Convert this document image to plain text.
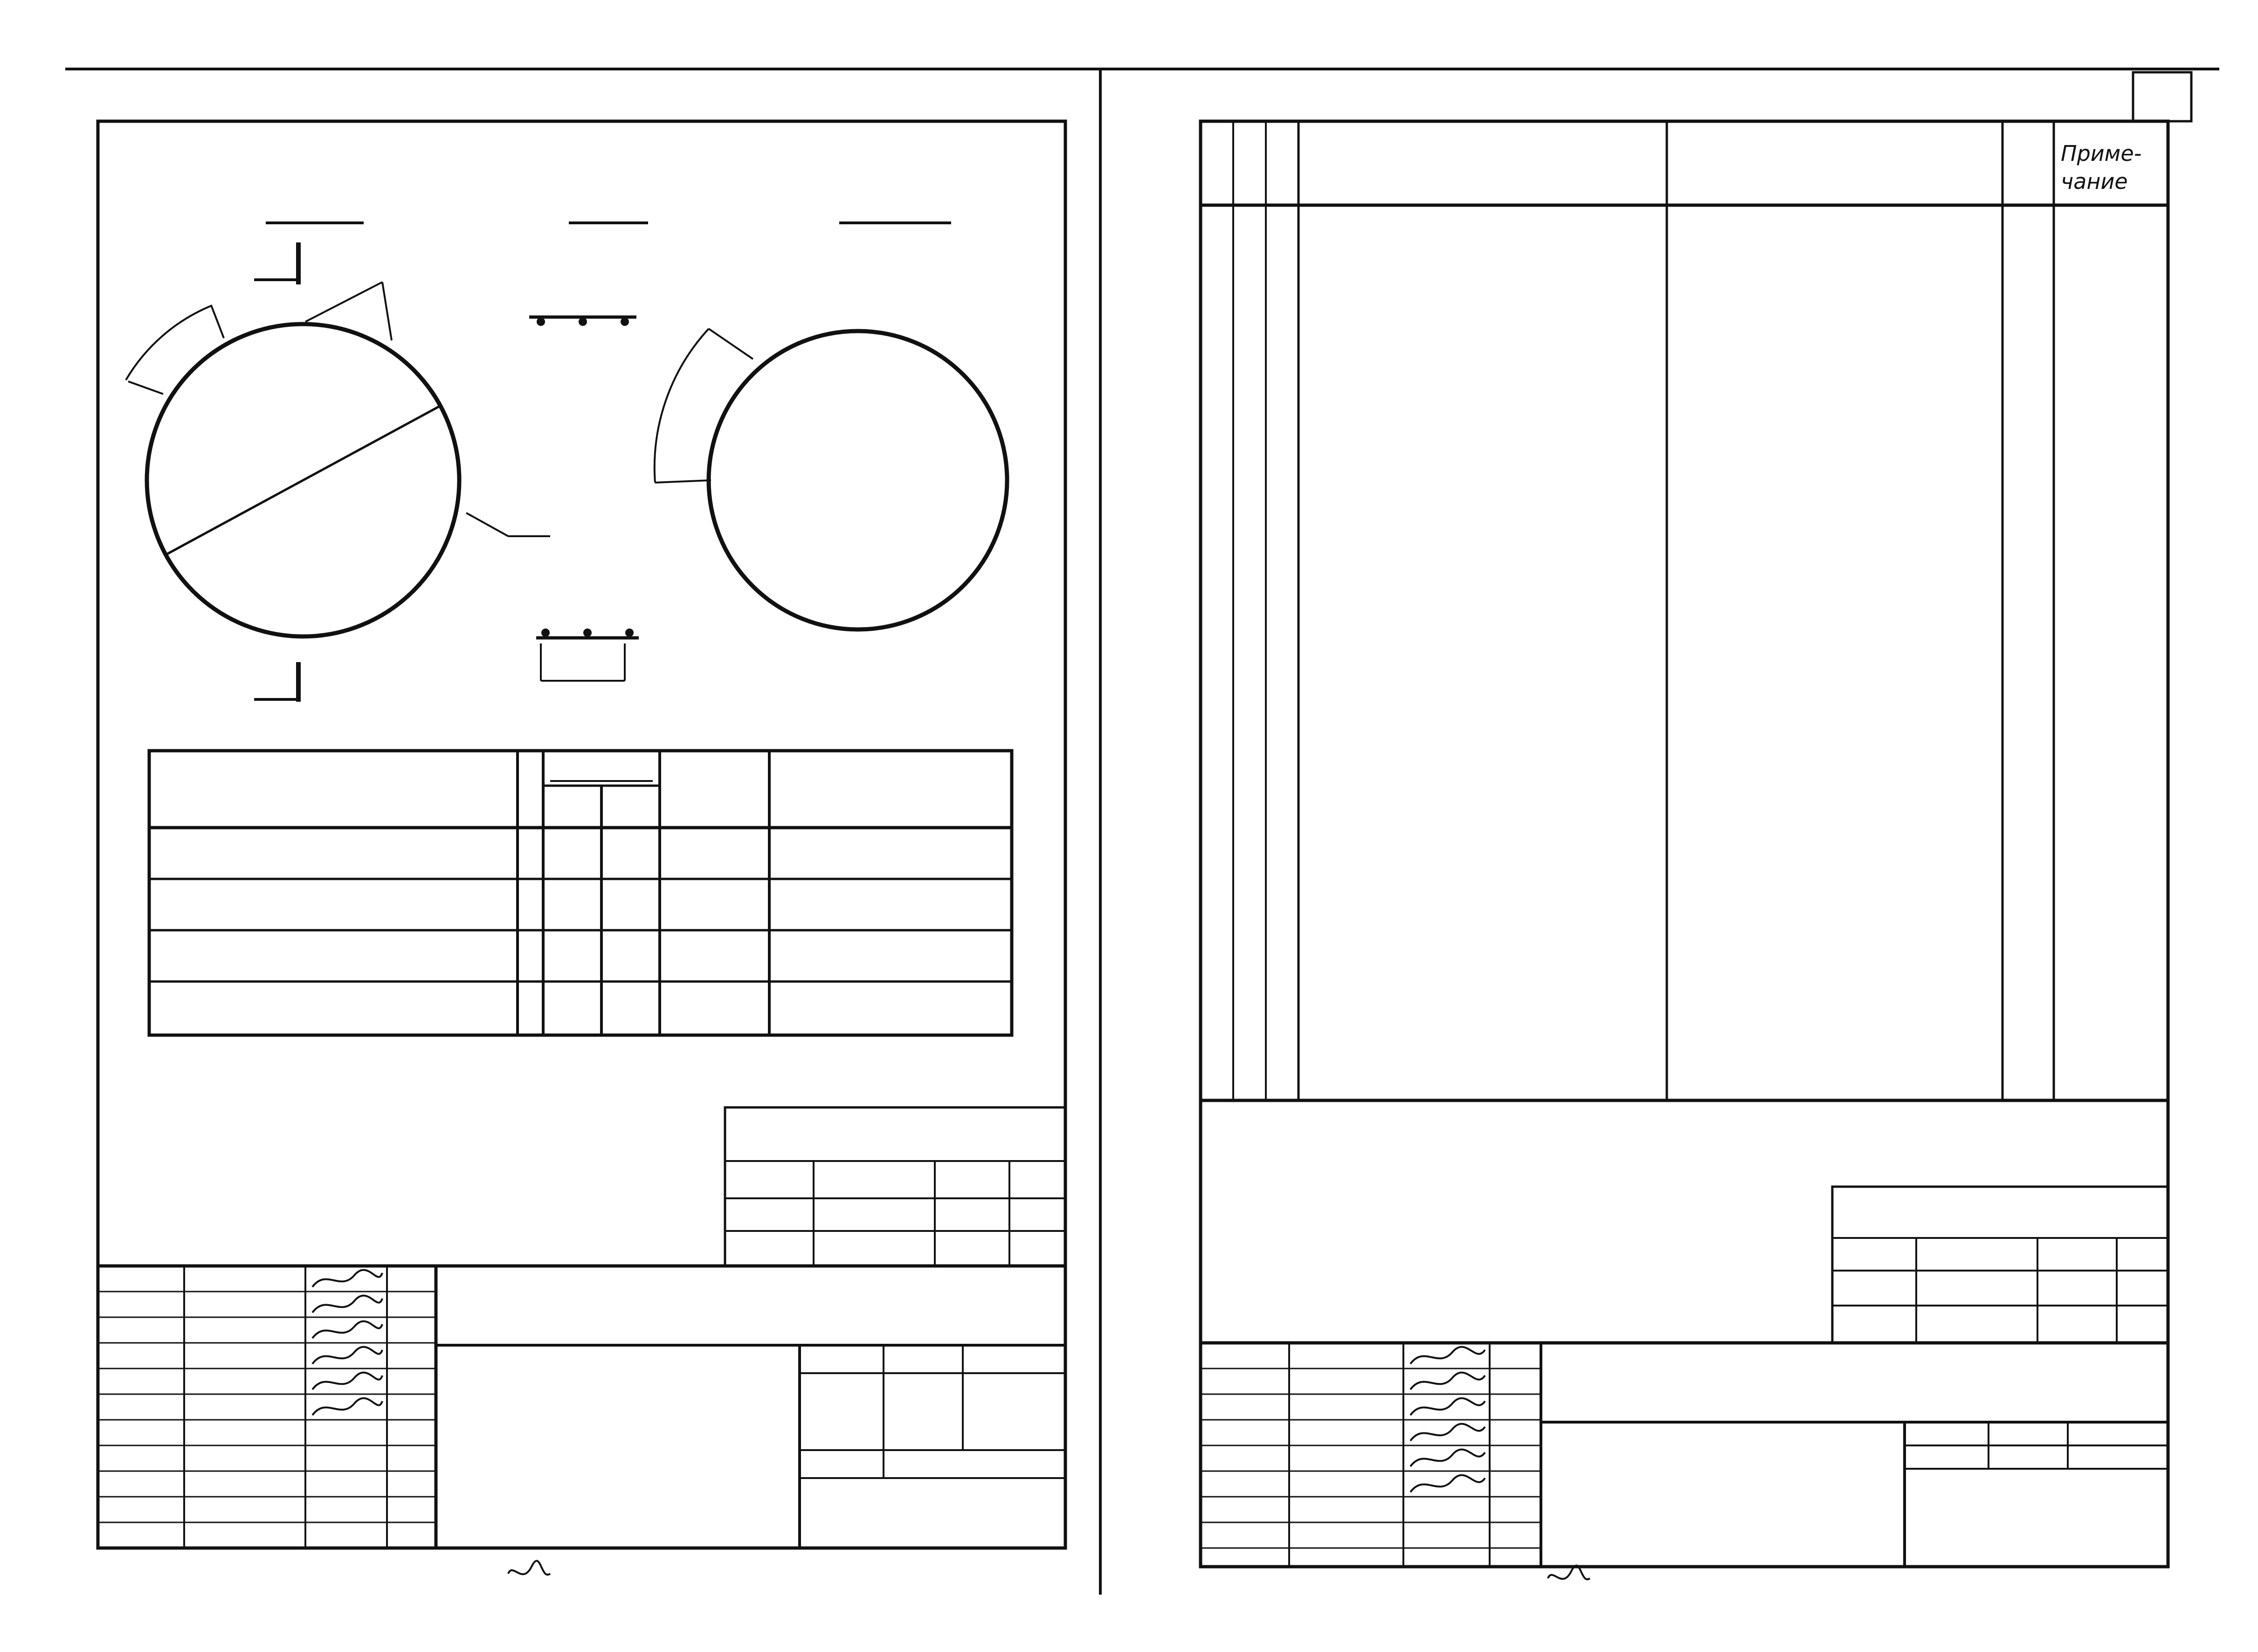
Приме-
чание
